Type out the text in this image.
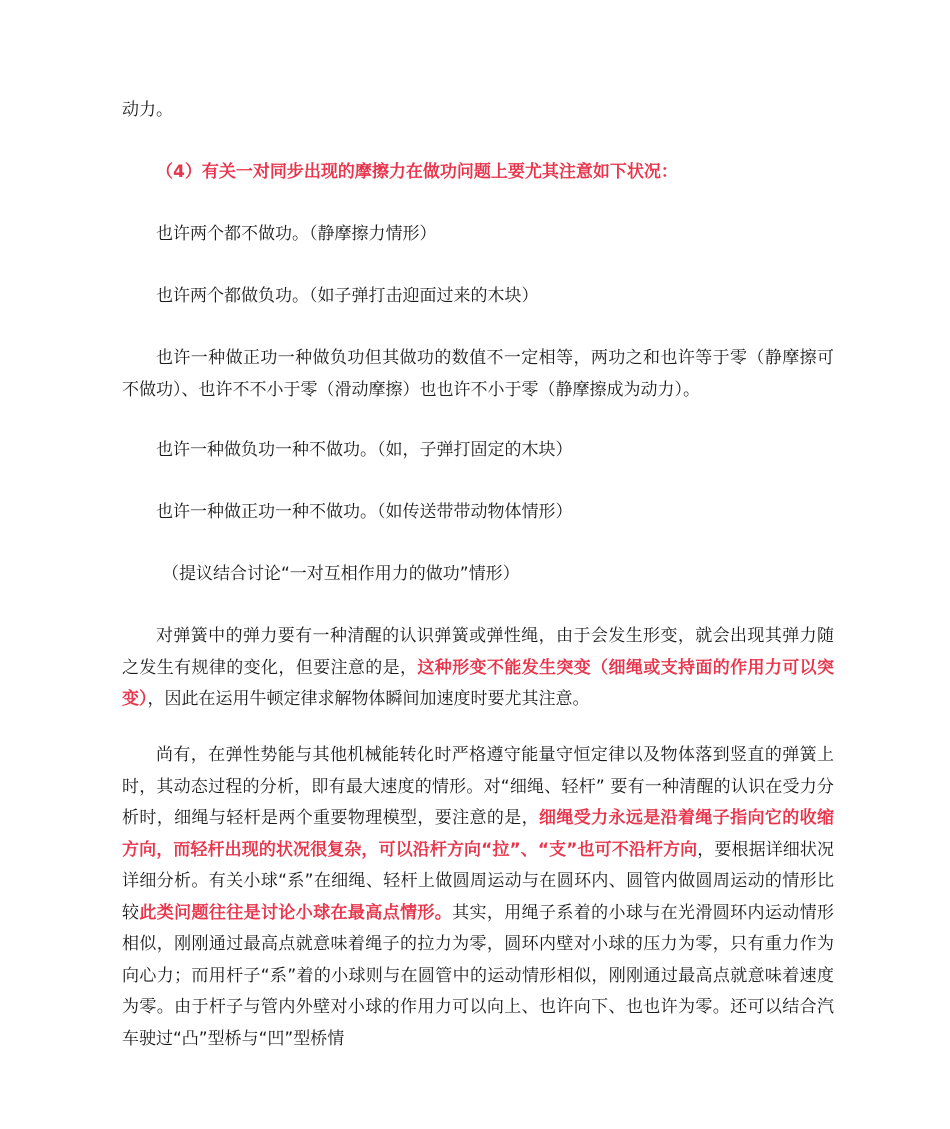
动力。

（4）有关一对同步出现的摩擦力在做功问题上要尤其注意如下状况：

也许两个都不做功。（静摩擦力情形）

也许两个都做负功。（如子弹打击迎面过来的木块）

也许一种做正功一种做负功但其做功的数值不一定相等，两功之和也许等于零（静摩擦可不做功）、也许不不小于零（滑动摩擦）也也许不小于零（静摩擦成为动力）。

也许一种做负功一种不做功。（如，子弹打固定的木块）

也许一种做正功一种不做功。（如传送带带动物体情形）

（提议结合讨论“一对互相作用力的做功”情形）

对弹簧中的弹力要有一种清醒的认识弹簧或弹性绳，由于会发生形变，就会出现其弹力随之发生有规律的变化，但要注意的是，这种形变不能发生突变（细绳或支持面的作用力可以突变），因此在运用牛顿定律求解物体瞬间加速度时要尤其注意。

尚有，在弹性势能与其他机械能转化时严格遵守能量守恒定律以及物体落到竖直的弹簧上时，其动态过程的分析，即有最大速度的情形。对“细绳、轻杆” 要有一种清醒的认识在受力分析时，细绳与轻杆是两个重要物理模型，要注意的是，细绳受力永远是沿着绳子指向它的收缩方向，而轻杆出现的状况很复杂，可以沿杆方向“拉”、“支”也可不沿杆方向，要根据详细状况详细分析。有关小球“系”在细绳、轻杆上做圆周运动与在圆环内、圆管内做圆周运动的情形比较此类问题往往是讨论小球在最高点情形。其实，用绳子系着的小球与在光滑圆环内运动情形相似，刚刚通过最高点就意味着绳子的拉力为零，圆环内壁对小球的压力为零，只有重力作为向心力；而用杆子“系”着的小球则与在圆管中的运动情形相似，刚刚通过最高点就意味着速度为零。由于杆子与管内外壁对小球的作用力可以向上、也许向下、也也许为零。还可以结合汽车驶过“凸”型桥与“凹”型桥情
